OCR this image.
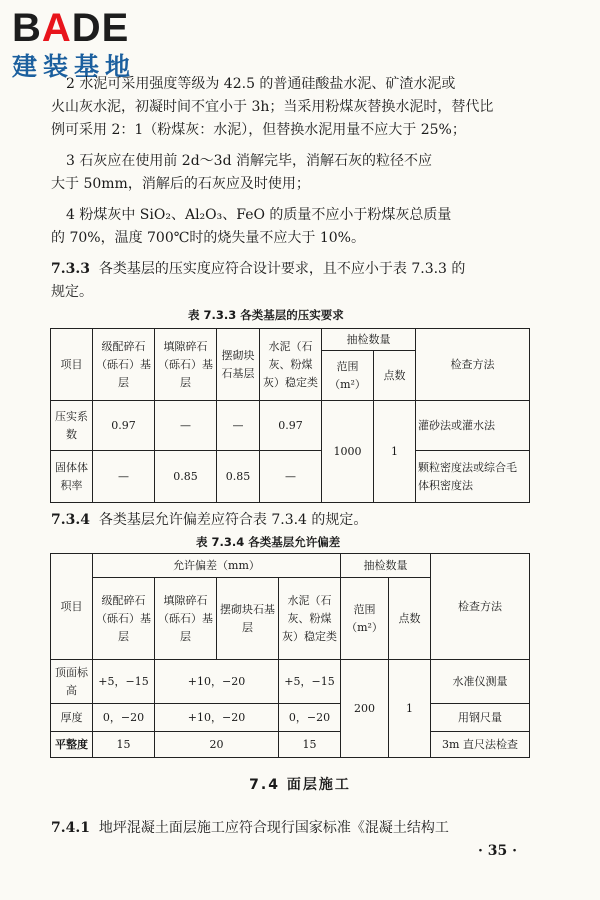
BADE
建装基地
2 水泥可采用强度等级为 42.5 的普通硅酸盐水泥、矿渣水泥或
火山灰水泥，初凝时间不宜小于 3h；当采用粉煤灰替换水泥时，替代比
例可采用 2：1（粉煤灰：水泥），但替换水泥用量不应大于 25%；
3 石灰应在使用前 2d～3d 消解完毕，消解石灰的粒径不应
大于 50mm，消解后的石灰应及时使用；
4 粉煤灰中 SiO₂、Al₂O₃、FeO 的质量不应小于粉煤灰总质量
的 70%，温度 700℃时的烧失量不应大于 10%。
7.3.3 各类基层的压实度应符合设计要求，且不应小于表 7.3.3 的
规定。
表 7.3.3 各类基层的压实要求
项目	级配碎石（砾石）基层	填隙碎石（砾石）基层	摆砌块石基层	水泥（石灰、粉煤灰）稳定类	抽检数量		检查方法
					范围（m²）	点数	
压实系数	0.97	—	—	0.97	1000	1	灌砂法或灌水法
固体体积率	—	0.85	0.85	—			颗粒密度法或综合毛体积密度法
7.3.4 各类基层允许偏差应符合表 7.3.4 的规定。
表 7.3.4 各类基层允许偏差
项目	允许偏差（mm）				抽检数量		检查方法
	级配碎石（砾石）基层	填隙碎石（砾石）基层	摆砌块石基层	水泥（石灰、粉煤灰）稳定类	范围（m²）	点数	
顶面标高	+5，−15	+10，−20		+5，−15	200	1	水准仪测量
厚度	0，−20	+10，−20		0，−20			用钢尺量
平整度	15	20		15			3m 直尺法检查
7.4 面层施工
7.4.1 地坪混凝土面层施工应符合现行国家标准《混凝土结构工
· 35 ·
